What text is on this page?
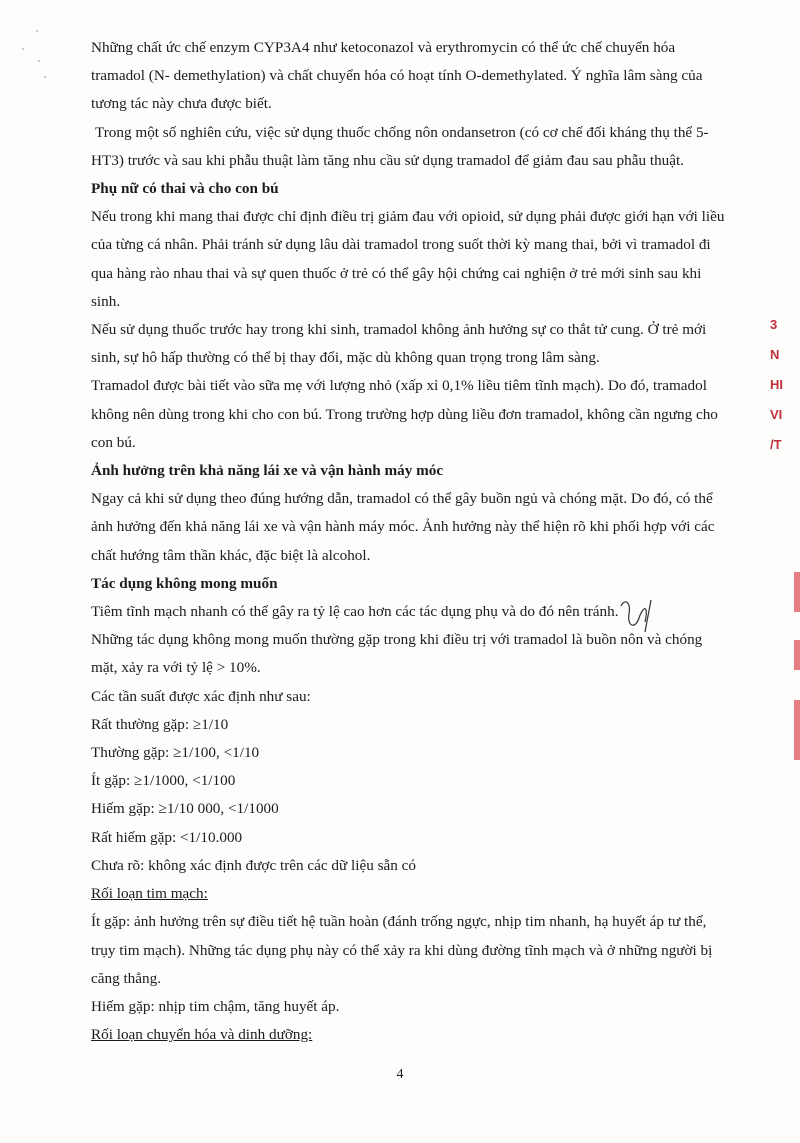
Những chất ức chế enzym CYP3A4 như ketoconazol và erythromycin có thể ức chế chuyển hóa tramadol (N- demethylation) và chất chuyển hóa có hoạt tính O-demethylated. Ý nghĩa lâm sàng của tương tác này chưa được biết.

Trong một số nghiên cứu, việc sử dụng thuốc chống nôn ondansetron (có cơ chế đối kháng thụ thể 5-HT3) trước và sau khi phẫu thuật làm tăng nhu cầu sử dụng tramadol để giảm đau sau phẫu thuật.

Phụ nữ có thai và cho con bú

Nếu trong khi mang thai được chỉ định điều trị giảm đau với opioid, sử dụng phải được giới hạn với liều của từng cá nhân. Phải tránh sử dụng lâu dài tramadol trong suốt thời kỳ mang thai, bởi vì tramadol đi qua hàng rào nhau thai và sự quen thuốc ở trẻ có thể gây hội chứng cai nghiện ở trẻ mới sinh sau khi sinh.

Nếu sử dụng thuốc trước hay trong khi sinh, tramadol không ảnh hưởng sự co thắt tử cung. Ở trẻ mới sinh, sự hô hấp thường có thể bị thay đổi, mặc dù không quan trọng trong lâm sàng.

Tramadol được bài tiết vào sữa mẹ với lượng nhỏ (xấp xỉ 0,1% liều tiêm tĩnh mạch). Do đó, tramadol không nên dùng trong khi cho con bú. Trong trường hợp dùng liều đơn tramadol, không cần ngưng cho con bú.

Ảnh hưởng trên khả năng lái xe và vận hành máy móc

Ngay cả khi sử dụng theo đúng hướng dẫn, tramadol có thể gây buồn ngủ và chóng mặt. Do đó, có thể ảnh hưởng đến khả năng lái xe và vận hành máy móc. Ảnh hưởng này thể hiện rõ khi phối hợp với các chất hướng tâm thần khác, đặc biệt là alcohol.

Tác dụng không mong muốn

Tiêm tĩnh mạch nhanh có thể gây ra tỷ lệ cao hơn các tác dụng phụ và do đó nên tránh.

Những tác dụng không mong muốn thường gặp trong khi điều trị với tramadol là buồn nôn và chóng mặt, xảy ra với tỷ lệ > 10%.

Các tần suất được xác định như sau:

Rất thường gặp: ≥1/10

Thường gặp: ≥1/100, <1/10

Ít gặp: ≥1/1000, <1/100

Hiếm gặp: ≥1/10 000, <1/1000

Rất hiếm gặp: <1/10.000

Chưa rõ: không xác định được trên các dữ liệu sẵn có

Rối loạn tim mạch:

Ít gặp: ảnh hưởng trên sự điều tiết hệ tuần hoàn (đánh trống ngực, nhịp tim nhanh, hạ huyết áp tư thế, trụy tim mạch). Những tác dụng phụ này có thể xảy ra khi dùng đường tĩnh mạch và ở những người bị căng thẳng.

Hiếm gặp: nhịp tim chậm, tăng huyết áp.

Rối loạn chuyển hóa và dinh dưỡng:

3
N
HI
VI
/T
4
